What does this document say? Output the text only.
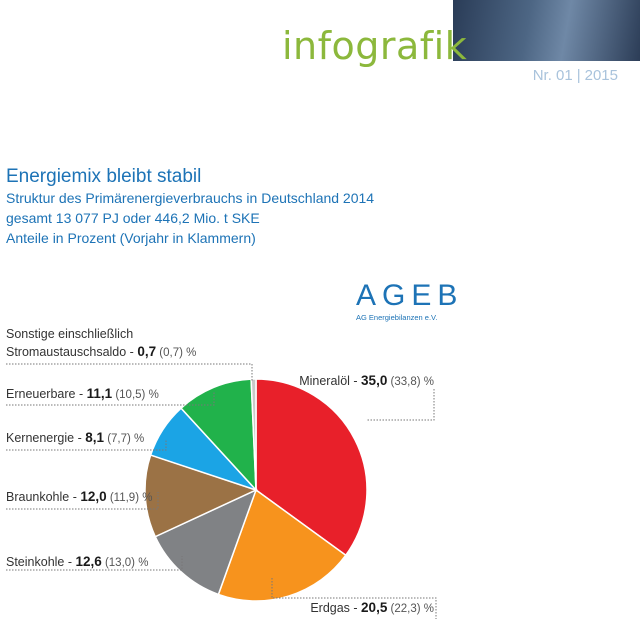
infografik
Nr. 01 | 2015
Energiemix bleibt stabil
Struktur des Primärenergieverbrauchs in Deutschland 2014
gesamt 13 077 PJ oder 446,2 Mio. t SKE
Anteile in Prozent (Vorjahr in Klammern)
AGEB
AG Energiebilanzen e.V.
Mineralöl - 35,0 (33,8) %
Erdgas - 20,5 (22,3) %
Steinkohle - 12,6 (13,0) %
Braunkohle - 12,0 (11,9) %
Kernenergie - 8,1 (7,7) %
Erneuerbare - 11,1 (10,5) %
Sonstige einschließlich Stromaustauschsaldo - 0,7 (0,7) %
